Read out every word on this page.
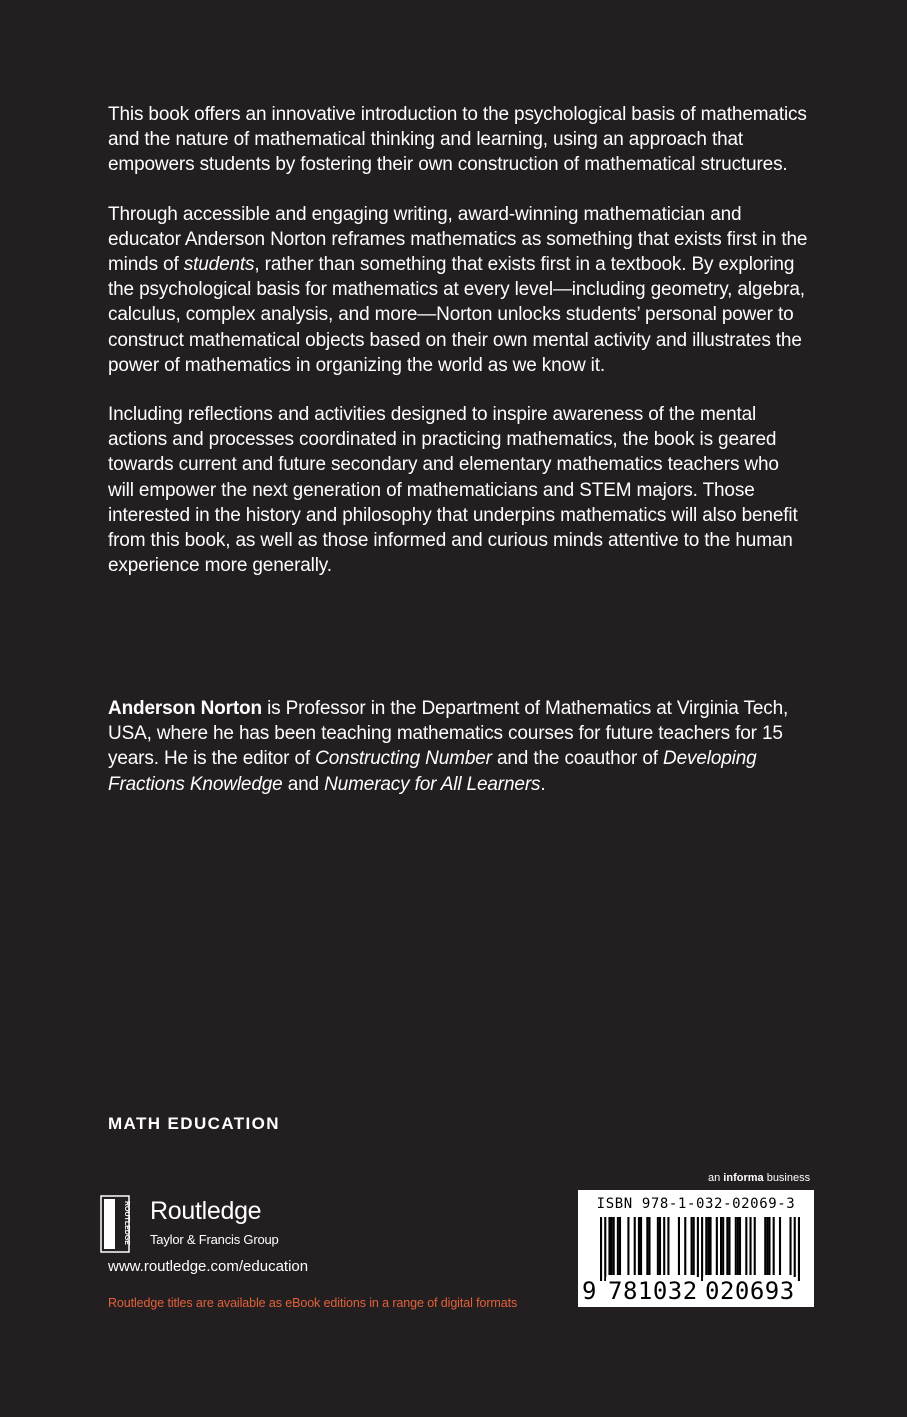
This book offers an innovative introduction to the psychological basis of mathematics and the nature of mathematical thinking and learning, using an approach that empowers students by fostering their own construction of mathematical structures.

Through accessible and engaging writing, award-winning mathematician and educator Anderson Norton reframes mathematics as something that exists first in the minds of students, rather than something that exists first in a textbook. By exploring the psychological basis for mathematics at every level—including geometry, algebra, calculus, complex analysis, and more—Norton unlocks students’ personal power to construct mathematical objects based on their own mental activity and illustrates the power of mathematics in organizing the world as we know it.

Including reflections and activities designed to inspire awareness of the mental actions and processes coordinated in practicing mathematics, the book is geared towards current and future secondary and elementary mathematics teachers who will empower the next generation of mathematicians and STEM majors. Those interested in the history and philosophy that underpins mathematics will also benefit from this book, as well as those informed and curious minds attentive to the human experience more generally.

Anderson Norton is Professor in the Department of Mathematics at Virginia Tech, USA, where he has been teaching mathematics courses for future teachers for 15 years. He is the editor of Constructing Number and the coauthor of Developing Fractions Knowledge and Numeracy for All Learners.

MATH EDUCATION
ROUTLEDGE Routledge
Taylor & Francis Group
www.routledge.com/education
Routledge titles are available as eBook editions in a range of digital formats
an informa business
ISBN 978-1-032-02069-3

9

781032

020693
